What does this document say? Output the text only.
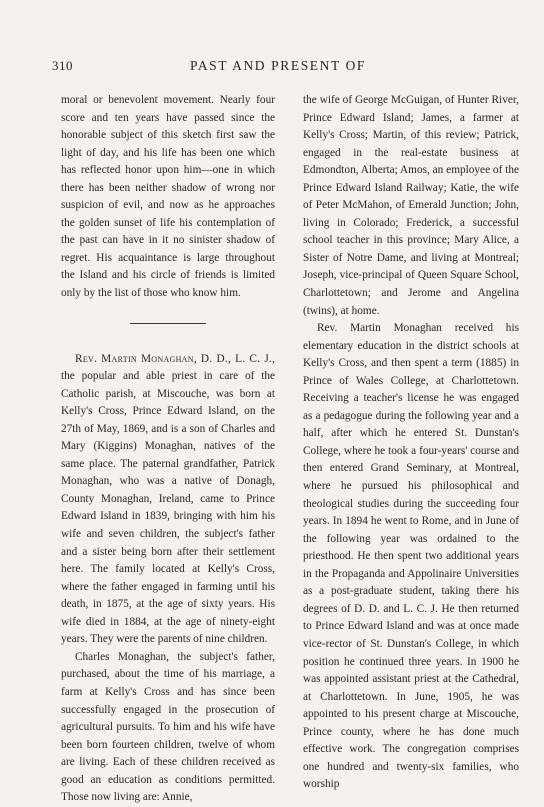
310	PAST AND PRESENT OF

moral or benevolent movement. Nearly four score and ten years have passed since the honorable subject of this sketch first saw the light of day, and his life has been one which has reflected honor upon him—one in which there has been neither shadow of wrong nor suspicion of evil, and now as he approaches the golden sunset of life his contemplation of the past can have in it no sinister shadow of regret. His acquaintance is large throughout the Island and his circle of friends is limited only by the list of those who know him.

Rev. Martin Monaghan, D. D., L. C. J., the popular and able priest in care of the Catholic parish, at Miscouche, was born at Kelly's Cross, Prince Edward Island, on the 27th of May, 1869, and is a son of Charles and Mary (Kiggins) Monaghan, natives of the same place. The paternal grandfather, Patrick Monaghan, who was a native of Donagh, County Monaghan, Ireland, came to Prince Edward Island in 1839, bringing with him his wife and seven children, the subject's father and a sister being born after their settlement here. The family located at Kelly's Cross, where the father engaged in farming until his death, in 1875, at the age of sixty years. His wife died in 1884, at the age of ninety-eight years. They were the parents of nine children.

Charles Monaghan, the subject's father, purchased, about the time of his marriage, a farm at Kelly's Cross and has since been successfully engaged in the prosecution of agricultural pursuits. To him and his wife have been born fourteen children, twelve of whom are living. Each of these children received as good an education as conditions permitted. Those now living are: Annie,

the wife of George McGuigan, of Hunter River, Prince Edward Island; James, a farmer at Kelly's Cross; Martin, of this review; Patrick, engaged in the real-estate business at Edmondton, Alberta; Amos, an employee of the Prince Edward Island Railway; Katie, the wife of Peter McMahon, of Emerald Junction; John, living in Colorado; Frederick, a successful school teacher in this province; Mary Alice, a Sister of Notre Dame, and living at Montreal; Joseph, vice-principal of Queen Square School, Charlottetown; and Jerome and Angelina (twins), at home.

Rev. Martin Monaghan received his elementary education in the district schools at Kelly's Cross, and then spent a term (1885) in Prince of Wales College, at Charlottetown. Receiving a teacher's license he was engaged as a pedagogue during the following year and a half, after which he entered St. Dunstan's College, where he took a four-years' course and then entered Grand Seminary, at Montreal, where he pursued his philosophical and theological studies during the succeeding four years. In 1894 he went to Rome, and in June of the following year was ordained to the priesthood. He then spent two additional years in the Propaganda and Appolinaire Universities as a post-graduate student, taking there his degrees of D. D. and L. C. J. He then returned to Prince Edward Island and was at once made vice-rector of St. Dunstan's College, in which position he continued three years. In 1900 he was appointed assistant priest at the Cathedral, at Charlottetown. In June, 1905, he was appointed to his present charge at Miscouche, Prince county, where he has done much effective work. The congregation comprises one hundred and twenty-six families, who worship
